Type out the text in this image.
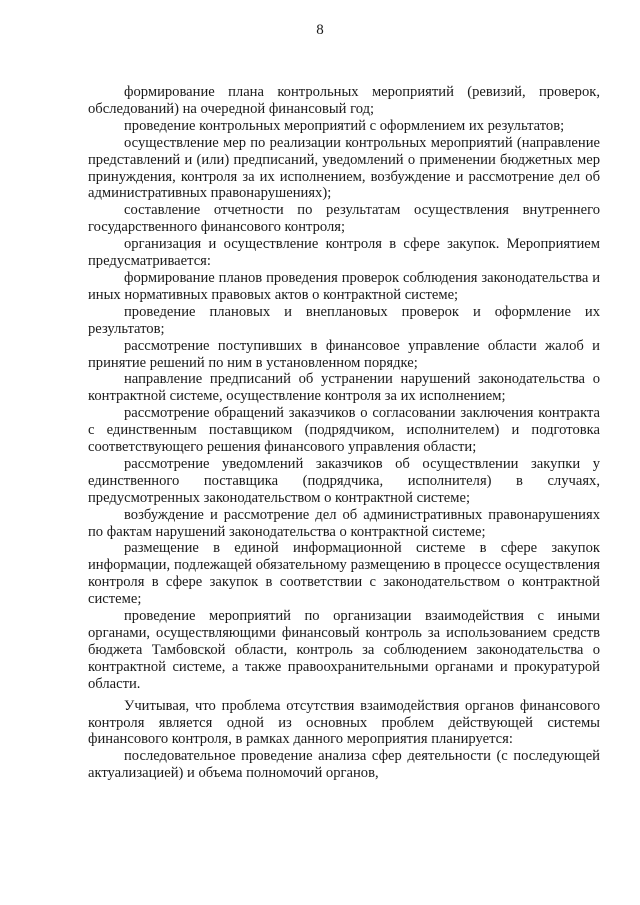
8

формирование плана контрольных мероприятий (ревизий, проверок, обследований) на очередной финансовый год;

проведение контрольных мероприятий с оформлением их результатов;

осуществление мер по реализации контрольных мероприятий (направление представлений и (или) предписаний, уведомлений о применении бюджетных мер принуждения, контроля за их исполнением, возбуждение и рассмотрение дел об административных правонарушениях);

составление отчетности по результатам осуществления внутреннего государственного финансового контроля;

организация и осуществление контроля в сфере закупок. Мероприятием предусматривается:

формирование планов проведения проверок соблюдения законодательства и иных нормативных правовых актов о контрактной системе;

проведение плановых и внеплановых проверок и оформление их результатов;

рассмотрение поступивших в финансовое управление области жалоб и принятие решений по ним в установленном порядке;

направление предписаний об устранении нарушений законодательства о контрактной системе, осуществление контроля за их исполнением;

рассмотрение обращений заказчиков о согласовании заключения контракта с единственным поставщиком (подрядчиком, исполнителем) и подготовка соответствующего решения финансового управления области;

рассмотрение уведомлений заказчиков об осуществлении закупки у единственного поставщика (подрядчика, исполнителя) в случаях, предусмотренных законодательством о контрактной системе;

возбуждение и рассмотрение дел об административных правонарушениях по фактам нарушений законодательства о контрактной системе;

размещение в единой информационной системе в сфере закупок информации, подлежащей обязательному размещению в процессе осуществления контроля в сфере закупок в соответствии с законодательством о контрактной системе;

проведение мероприятий по организации взаимодействия с иными органами, осуществляющими финансовый контроль за использованием средств бюджета Тамбовской области, контроль за соблюдением законодательства о контрактной системе, а также правоохранительными органами и прокуратурой области.

Учитывая, что проблема отсутствия взаимодействия органов финансового контроля является одной из основных проблем действующей системы финансового контроля, в рамках данного мероприятия планируется:

последовательное проведение анализа сфер деятельности (с последующей актуализацией) и объема полномочий органов,
